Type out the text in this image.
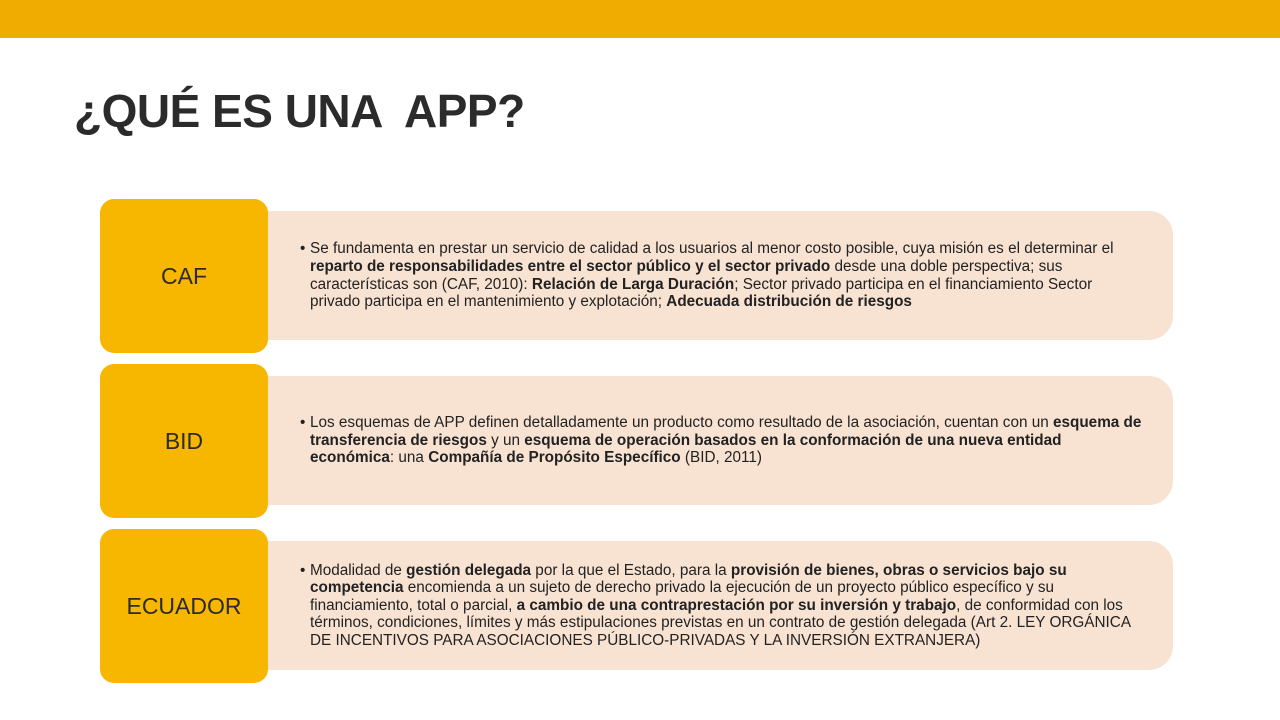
¿QUÉ ES UNA  APP?
• Se fundamenta en prestar un servicio de calidad a los usuarios al menor costo posible, cuya misión es el determinar el reparto de responsabilidades entre el sector público y el sector privado desde una doble perspectiva; sus características son (CAF, 2010): Relación de Larga Duración; Sector privado participa en el financiamiento Sector privado participa en el mantenimiento y explotación; Adecuada distribución de riesgos
CAF
• Los esquemas de APP definen detalladamente un producto como resultado de la asociación, cuentan con un esquema de transferencia de riesgos y un esquema de operación basados en la conformación de una nueva entidad económica: una Compañía de Propósito Específico (BID, 2011)
BID
• Modalidad de gestión delegada por la que el Estado, para la provisión de bienes, obras o servicios bajo su competencia encomienda a un sujeto de derecho privado la ejecución de un proyecto público específico y su financiamiento, total o parcial, a cambio de una contraprestación por su inversión y trabajo, de conformidad con los términos, condiciones, límites y más estipulaciones previstas en un contrato de gestión delegada (Art 2. LEY ORGÁNICA DE INCENTIVOS PARA ASOCIACIONES PÚBLICO-PRIVADAS Y LA INVERSIÓN EXTRANJERA)
ECUADOR
